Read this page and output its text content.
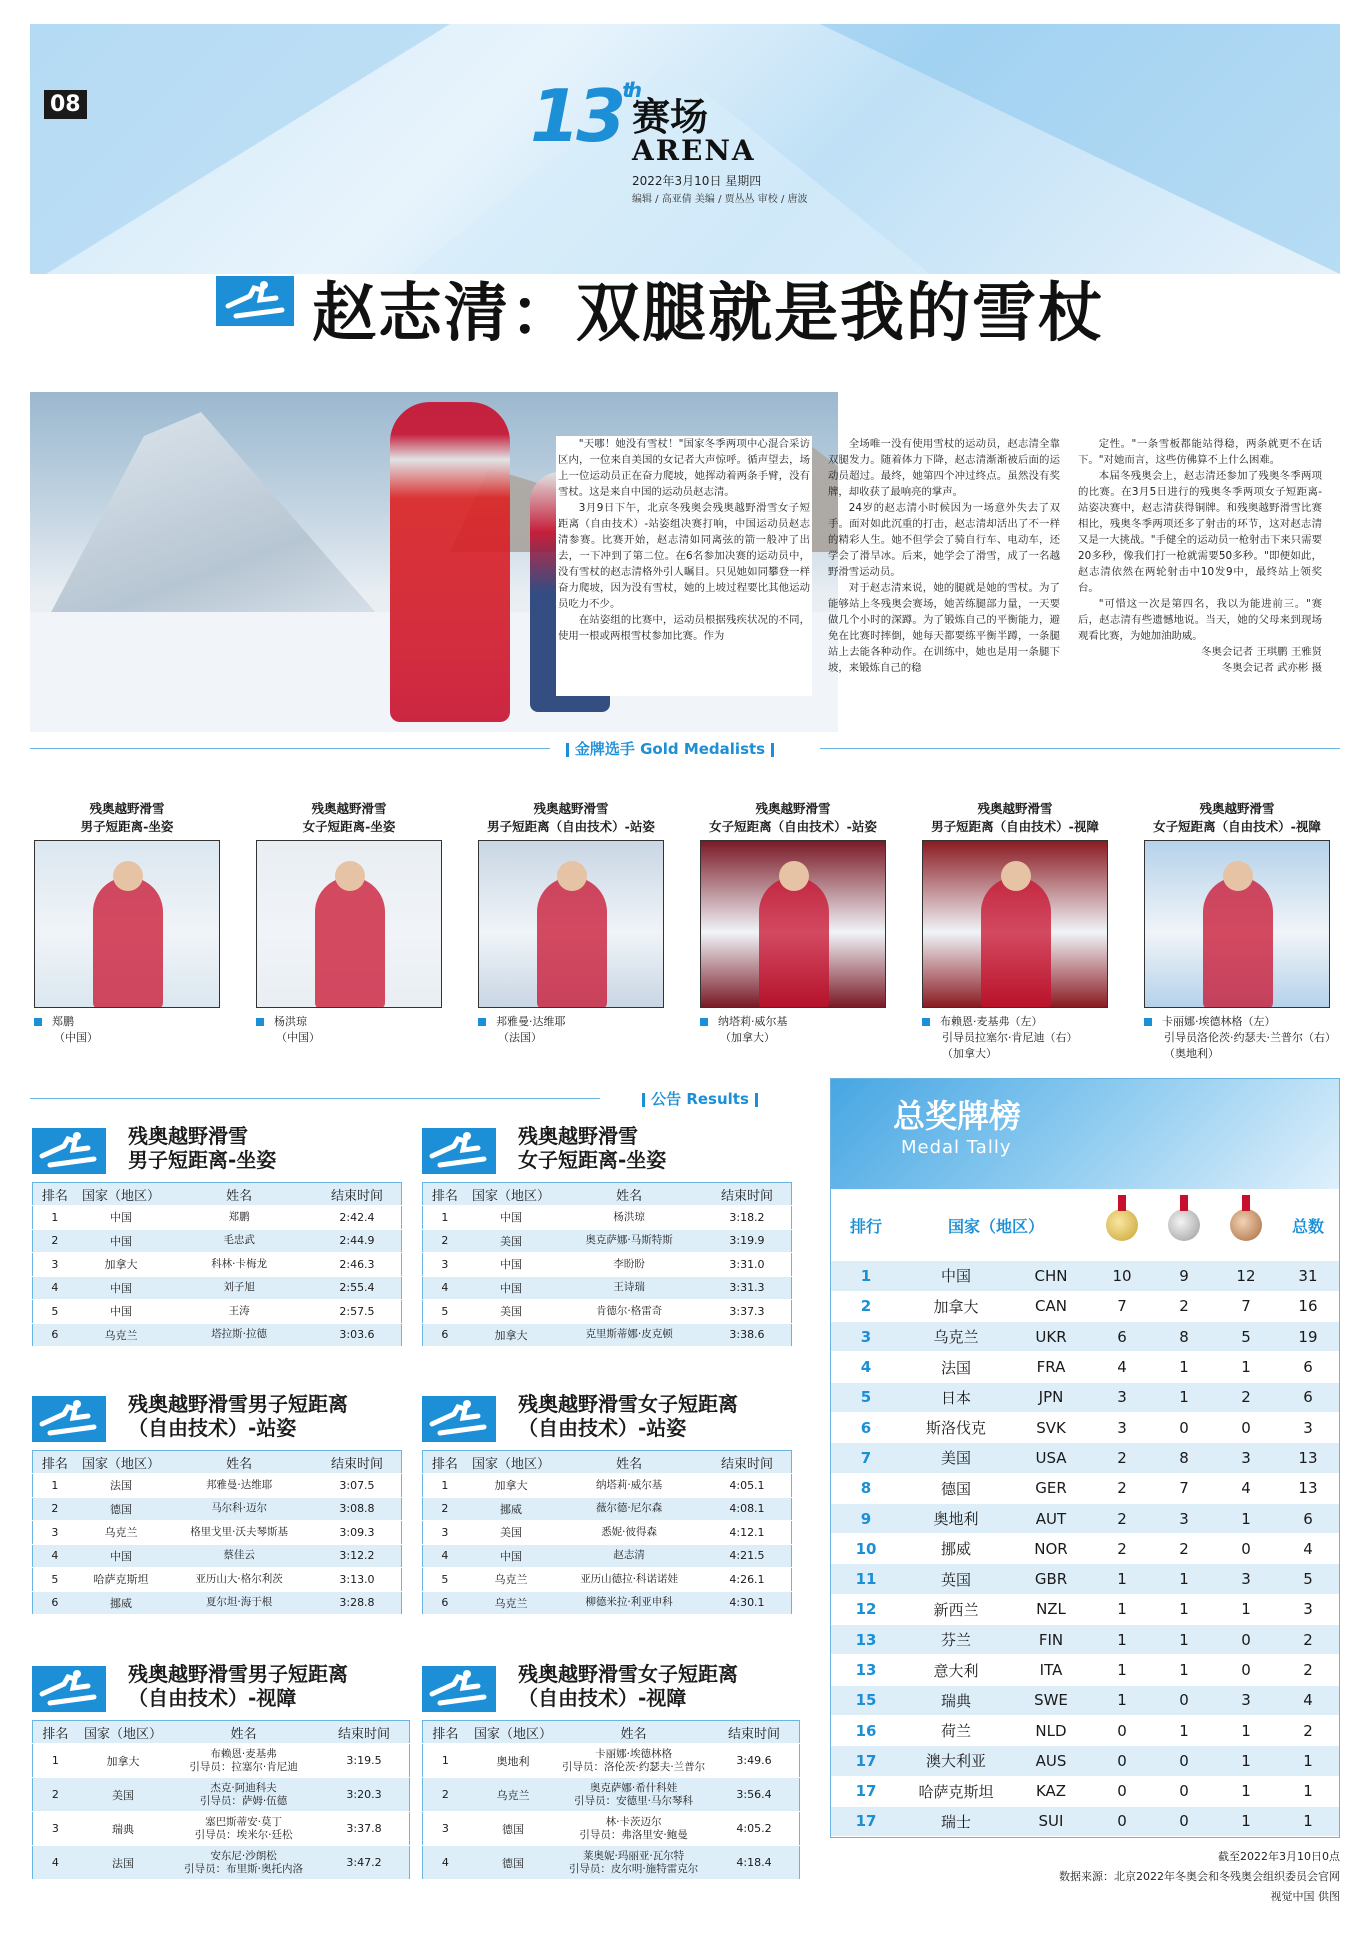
08	13th
赛场
ARENA
2022年3月10日 星期四
编辑 / 高亚倩 美编 / 贾丛丛 审校 / 唐波
赵志清：双腿就是我的雪杖

"天哪！她没有雪杖！"国家冬季两项中心混合采访区内，一位来自美国的女记者大声惊呼。循声望去，场上一位运动员正在奋力爬坡，她挥动着两条手臂，没有雪杖。这是来自中国的运动员赵志清。

3月9日下午，北京冬残奥会残奥越野滑雪女子短距离（自由技术）-站姿组决赛打响，中国运动员赵志清参赛。比赛开始，赵志清如同离弦的箭一般冲了出去，一下冲到了第二位。在6名参加决赛的运动员中，没有雪杖的赵志清格外引人瞩目。只见她如同攀登一样奋力爬坡，因为没有雪杖，她的上坡过程要比其他运动员吃力不少。

在站姿组的比赛中，运动员根据残疾状况的不同，使用一根或两根雪杖参加比赛。作为

全场唯一没有使用雪杖的运动员，赵志清全靠双腿发力。随着体力下降，赵志清渐渐被后面的运动员超过。最终，她第四个冲过终点。虽然没有奖牌，却收获了最响亮的掌声。

24岁的赵志清小时候因为一场意外失去了双手。面对如此沉重的打击，赵志清却活出了不一样的精彩人生。她不但学会了骑自行车、电动车，还学会了滑旱冰。后来，她学会了滑雪，成了一名越野滑雪运动员。

对于赵志清来说，她的腿就是她的雪杖。为了能够站上冬残奥会赛场，她苦练腿部力量，一天要做几个小时的深蹲。为了锻炼自己的平衡能力，避免在比赛时摔倒，她每天都要练平衡半蹲，一条腿站上去能各种动作。在训练中，她也是用一条腿下坡，来锻炼自己的稳

定性。"一条雪板都能站得稳，两条就更不在话下。"对她而言，这些仿佛算不上什么困难。

本届冬残奥会上，赵志清还参加了残奥冬季两项的比赛。在3月5日进行的残奥冬季两项女子短距离-站姿决赛中，赵志清获得铜牌。和残奥越野滑雪比赛相比，残奥冬季两项还多了射击的环节，这对赵志清又是一大挑战。"手健全的运动员一枪射击下来只需要20多秒，像我们打一枪就需要50多秒。"即便如此，赵志清依然在两轮射击中10发9中，最终站上领奖台。

"可惜这一次是第四名，我以为能进前三。"赛后，赵志清有些遗憾地说。当天，她的父母来到现场观看比赛，为她加油助威。

冬奥会记者 王琪鹏 王雅贤

冬奥会记者 武亦彬 摄

金牌选手 Gold Medalists
残奥越野滑雪
男子短距离-坐姿
郑鹏
（中国）
残奥越野滑雪
女子短距离-坐姿
杨洪琼
（中国）
残奥越野滑雪
男子短距离（自由技术）-站姿
邦雅曼·达维耶
（法国）
残奥越野滑雪
女子短距离（自由技术）-站姿
纳塔莉·威尔基
（加拿大）
残奥越野滑雪
男子短距离（自由技术）-视障
布赖恩·麦基弗（左）
引导员拉塞尔·肯尼迪（右）
（加拿大）
残奥越野滑雪
女子短距离（自由技术）-视障
卡丽娜·埃德林格（左）
引导员洛伦茨·约瑟夫·兰普尔（右）
（奥地利）
公告 Results
残奥越野滑雪
男子短距离-坐姿
排名	国家（地区）	姓名	结束时间
1	中国	郑鹏	2:42.4
2	中国	毛忠武	2:44.9
3	加拿大	科林·卡梅龙	2:46.3
4	中国	刘子旭	2:55.4
5	中国	王涛	2:57.5
6	乌克兰	塔拉斯·拉德	3:03.6
残奥越野滑雪
女子短距离-坐姿
排名	国家（地区）	姓名	结束时间
1	中国	杨洪琼	3:18.2
2	美国	奥克萨娜·马斯特斯	3:19.9
3	中国	李盼盼	3:31.0
4	中国	王诗瑞	3:31.3
5	美国	肯德尔·格雷奇	3:37.3
6	加拿大	克里斯蒂娜·皮克顿	3:38.6
残奥越野滑雪男子短距离
（自由技术）-站姿
排名	国家（地区）	姓名	结束时间
1	法国	邦雅曼·达维耶	3:07.5
2	德国	马尔科·迈尔	3:08.8
3	乌克兰	格里戈里·沃夫琴斯基	3:09.3
4	中国	蔡佳云	3:12.2
5	哈萨克斯坦	亚历山大·格尔利茨	3:13.0
6	挪威	夏尔坦·海于根	3:28.8
残奥越野滑雪女子短距离
（自由技术）-站姿
排名	国家（地区）	姓名	结束时间
1	加拿大	纳塔莉·威尔基	4:05.1
2	挪威	薇尔德·尼尔森	4:08.1
3	美国	悉妮·彼得森	4:12.1
4	中国	赵志清	4:21.5
5	乌克兰	亚历山德拉·科诺诺娃	4:26.1
6	乌克兰	柳德米拉·利亚申科	4:30.1
残奥越野滑雪男子短距离
（自由技术）-视障
排名	国家（地区）	姓名	结束时间
1	加拿大	布赖恩·麦基弗
引导员：拉塞尔·肯尼迪	3:19.5
2	美国	杰克·阿迪科夫
引导员：萨姆·伍德	3:20.3
3	瑞典	塞巴斯蒂安·莫丁
引导员：埃米尔·廷松	3:37.8
4	法国	安东尼·沙朗松
引导员：布里斯·奥托内洛	3:47.2
残奥越野滑雪女子短距离
（自由技术）-视障
排名	国家（地区）	姓名	结束时间
1	奥地利	卡丽娜·埃德林格
引导员：洛伦茨·约瑟夫·兰普尔	3:49.6
2	乌克兰	奥克萨娜·希什科娃
引导员：安德里·马尔琴科	3:56.4
3	德国	林·卡茨迈尔
引导员：弗洛里安·鲍曼	4:05.2
4	德国	莱奥妮·玛丽亚·瓦尔特
引导员：皮尔明·施特雷克尔	4:18.4
总奖牌榜
Medal Tally
排行	国家（地区）					总数
1	中国	CHN	10	9	12	31
2	加拿大	CAN	7	2	7	16
3	乌克兰	UKR	6	8	5	19
4	法国	FRA	4	1	1	6
5	日本	JPN	3	1	2	6
6	斯洛伐克	SVK	3	0	0	3
7	美国	USA	2	8	3	13
8	德国	GER	2	7	4	13
9	奥地利	AUT	2	3	1	6
10	挪威	NOR	2	2	0	4
11	英国	GBR	1	1	3	5
12	新西兰	NZL	1	1	1	3
13	芬兰	FIN	1	1	0	2
13	意大利	ITA	1	1	0	2
15	瑞典	SWE	1	0	3	4
16	荷兰	NLD	0	1	1	2
17	澳大利亚	AUS	0	0	1	1
17	哈萨克斯坦	KAZ	0	0	1	1
17	瑞士	SUI	0	0	1	1
截至2022年3月10日0点
数据来源：北京2022年冬奥会和冬残奥会组织委员会官网
视觉中国 供图
